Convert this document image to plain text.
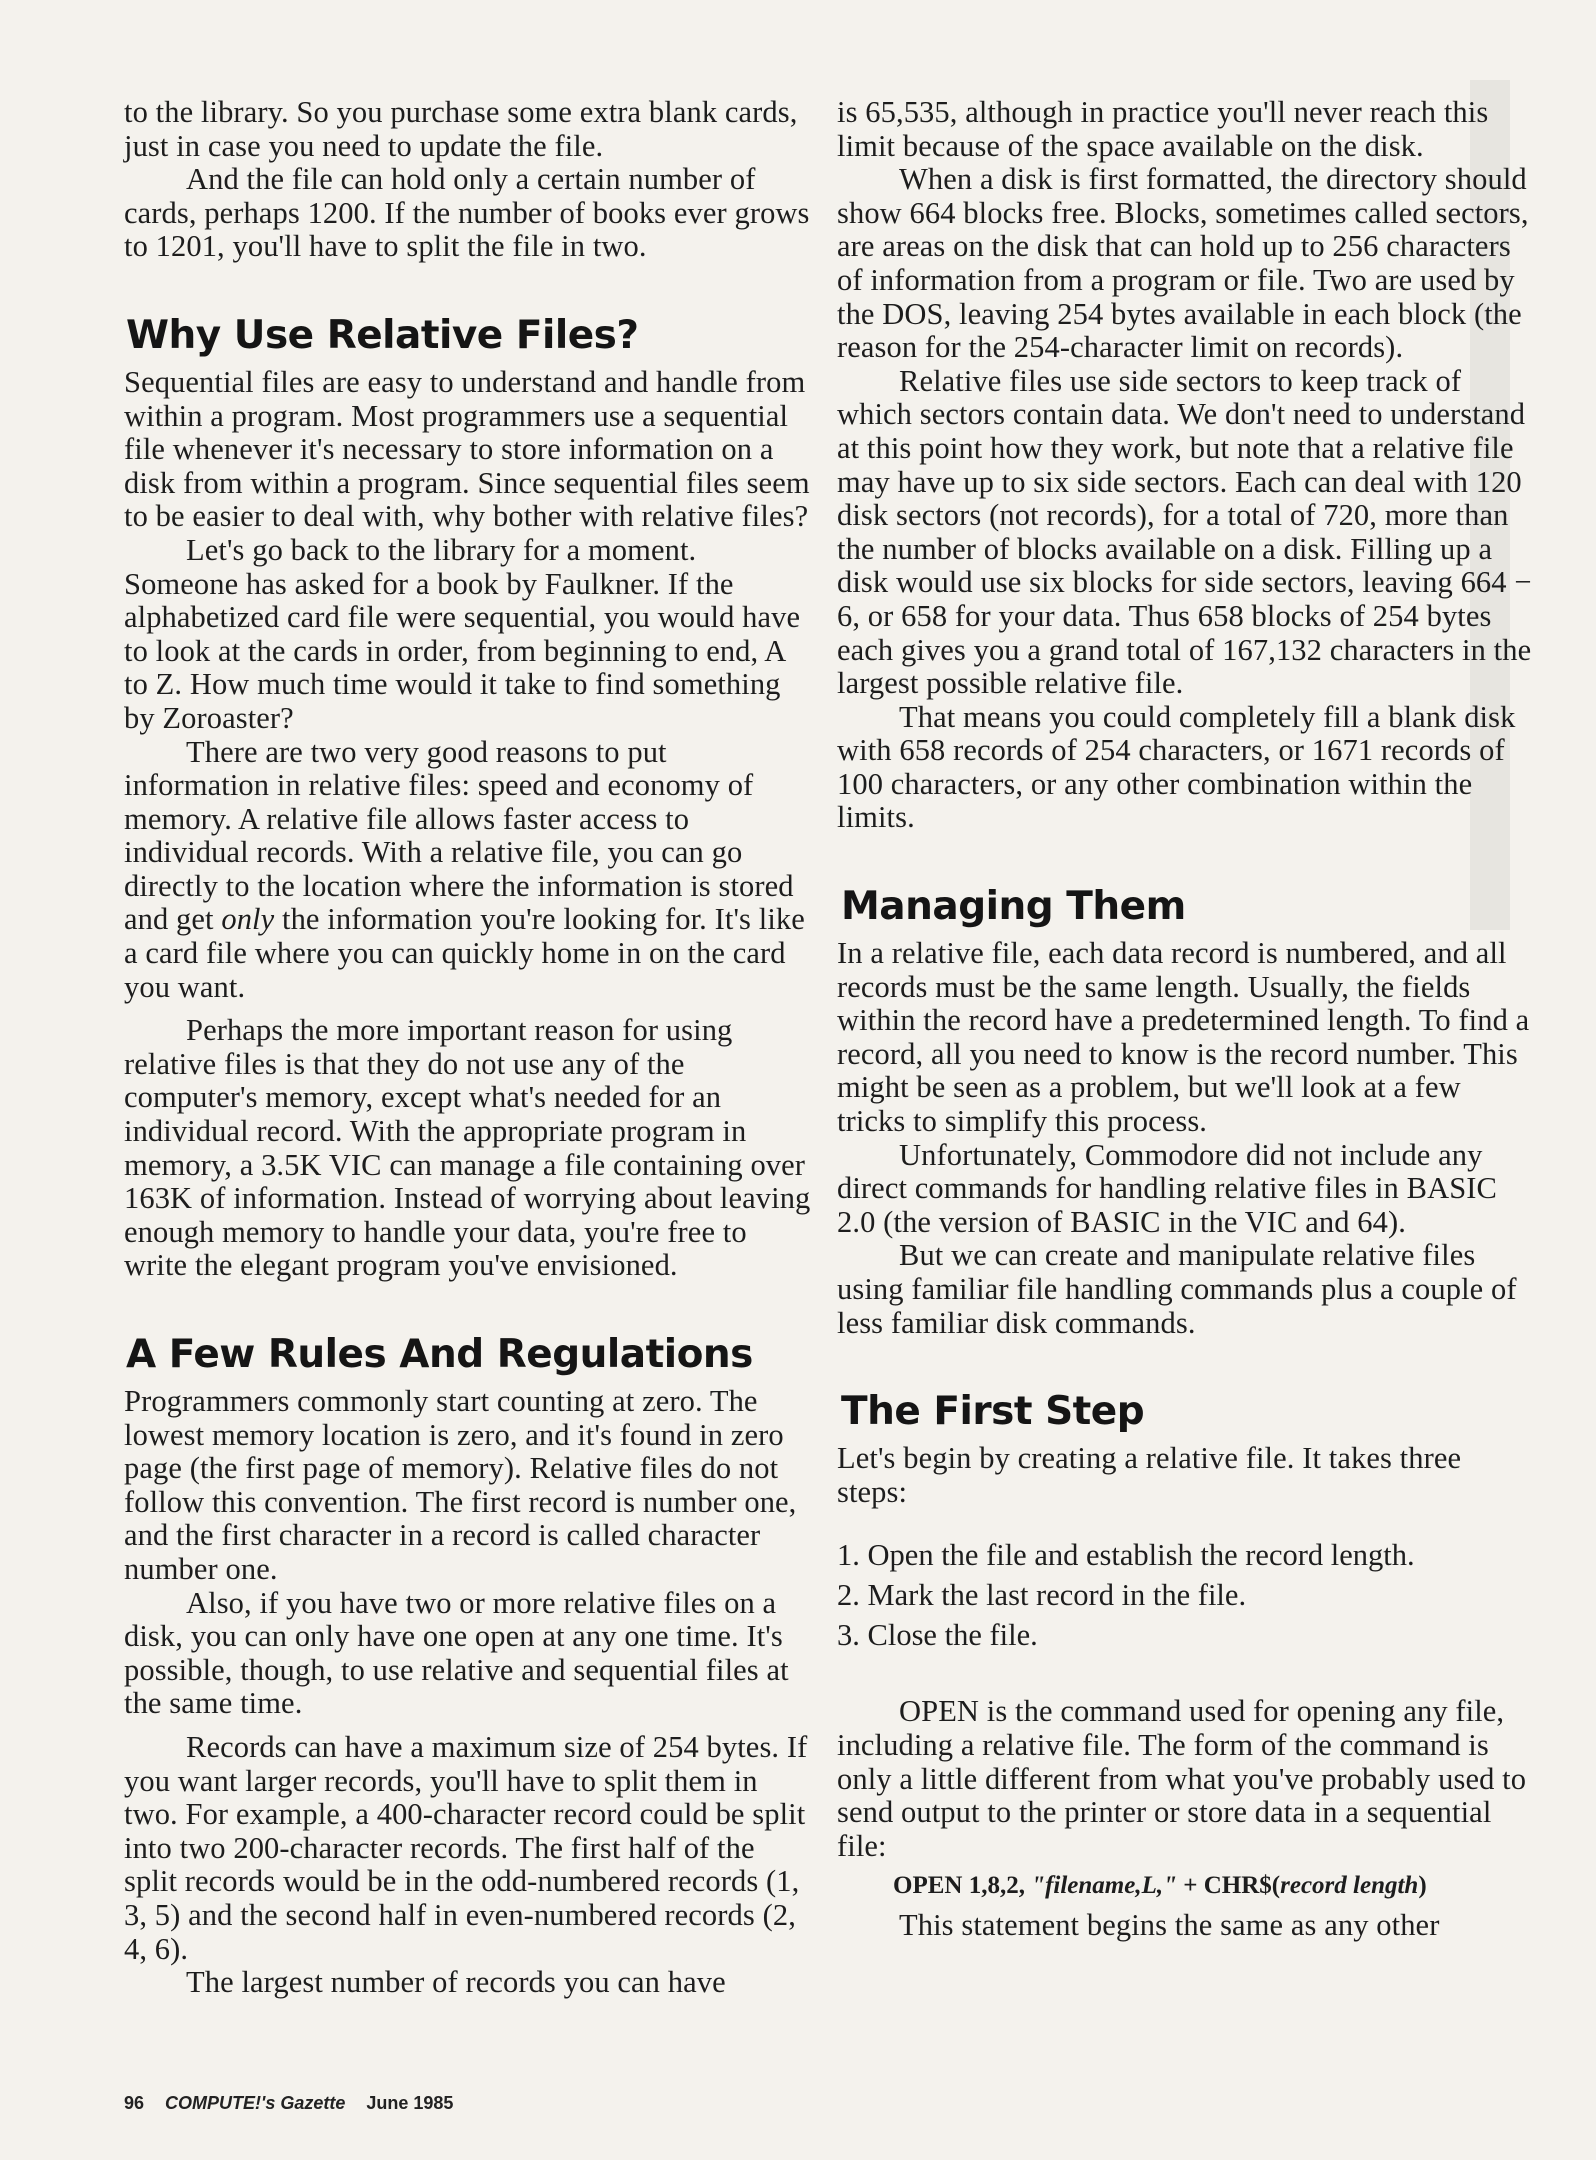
to the library. So you purchase some extra blank cards, just in case you need to update the file.

And the file can hold only a certain number of cards, perhaps 1200. If the number of books ever grows to 1201, you'll have to split the file in two.

Why Use Relative Files?

Sequential files are easy to understand and handle from within a program. Most programmers use a sequential file whenever it's necessary to store information on a disk from within a program. Since sequential files seem to be easier to deal with, why bother with relative files?

Let's go back to the library for a moment. Someone has asked for a book by Faulkner. If the alphabetized card file were sequential, you would have to look at the cards in order, from beginning to end, A to Z. How much time would it take to find something by Zoroaster?

There are two very good reasons to put information in relative files: speed and economy of memory. A relative file allows faster access to individual records. With a relative file, you can go directly to the location where the information is stored and get only the information you're looking for. It's like a card file where you can quickly home in on the card you want.

Perhaps the more important reason for using relative files is that they do not use any of the computer's memory, except what's needed for an individual record. With the appropriate program in memory, a 3.5K VIC can manage a file containing over 163K of information. Instead of worrying about leaving enough memory to handle your data, you're free to write the elegant program you've envisioned.

A Few Rules And Regulations

Programmers commonly start counting at zero. The lowest memory location is zero, and it's found in zero page (the first page of memory). Relative files do not follow this convention. The first record is number one, and the first character in a record is called character number one.

Also, if you have two or more relative files on a disk, you can only have one open at any one time. It's possible, though, to use relative and sequential files at the same time.

Records can have a maximum size of 254 bytes. If you want larger records, you'll have to split them in two. For example, a 400-character record could be split into two 200-character records. The first half of the split records would be in the odd-numbered records (1, 3, 5) and the second half in even-numbered records (2, 4, 6).

The largest number of records you can have

is 65,535, although in practice you'll never reach this limit because of the space available on the disk.

When a disk is first formatted, the directory should show 664 blocks free. Blocks, sometimes called sectors, are areas on the disk that can hold up to 256 characters of information from a program or file. Two are used by the DOS, leaving 254 bytes available in each block (the reason for the 254-character limit on records).

Relative files use side sectors to keep track of which sectors contain data. We don't need to understand at this point how they work, but note that a relative file may have up to six side sectors. Each can deal with 120 disk sectors (not records), for a total of 720, more than the number of blocks available on a disk. Filling up a disk would use six blocks for side sectors, leaving 664 − 6, or 658 for your data. Thus 658 blocks of 254 bytes each gives you a grand total of 167,132 characters in the largest possible relative file.

That means you could completely fill a blank disk with 658 records of 254 characters, or 1671 records of 100 characters, or any other combination within the limits.

Managing Them

In a relative file, each data record is numbered, and all records must be the same length. Usually, the fields within the record have a predetermined length. To find a record, all you need to know is the record number. This might be seen as a problem, but we'll look at a few tricks to simplify this process.

Unfortunately, Commodore did not include any direct commands for handling relative files in BASIC 2.0 (the version of BASIC in the VIC and 64).

But we can create and manipulate relative files using familiar file handling commands plus a couple of less familiar disk commands.

The First Step

Let's begin by creating a relative file. It takes three steps:

1. Open the file and establish the record length.
2. Mark the last record in the file.
3. Close the file.

OPEN is the command used for opening any file, including a relative file. The form of the command is only a little different from what you've probably used to send output to the printer or store data in a sequential file:

OPEN 1,8,2, "filename,L," + CHR$(record length)

This statement begins the same as any other

96 COMPUTE!'s Gazette June 1985
